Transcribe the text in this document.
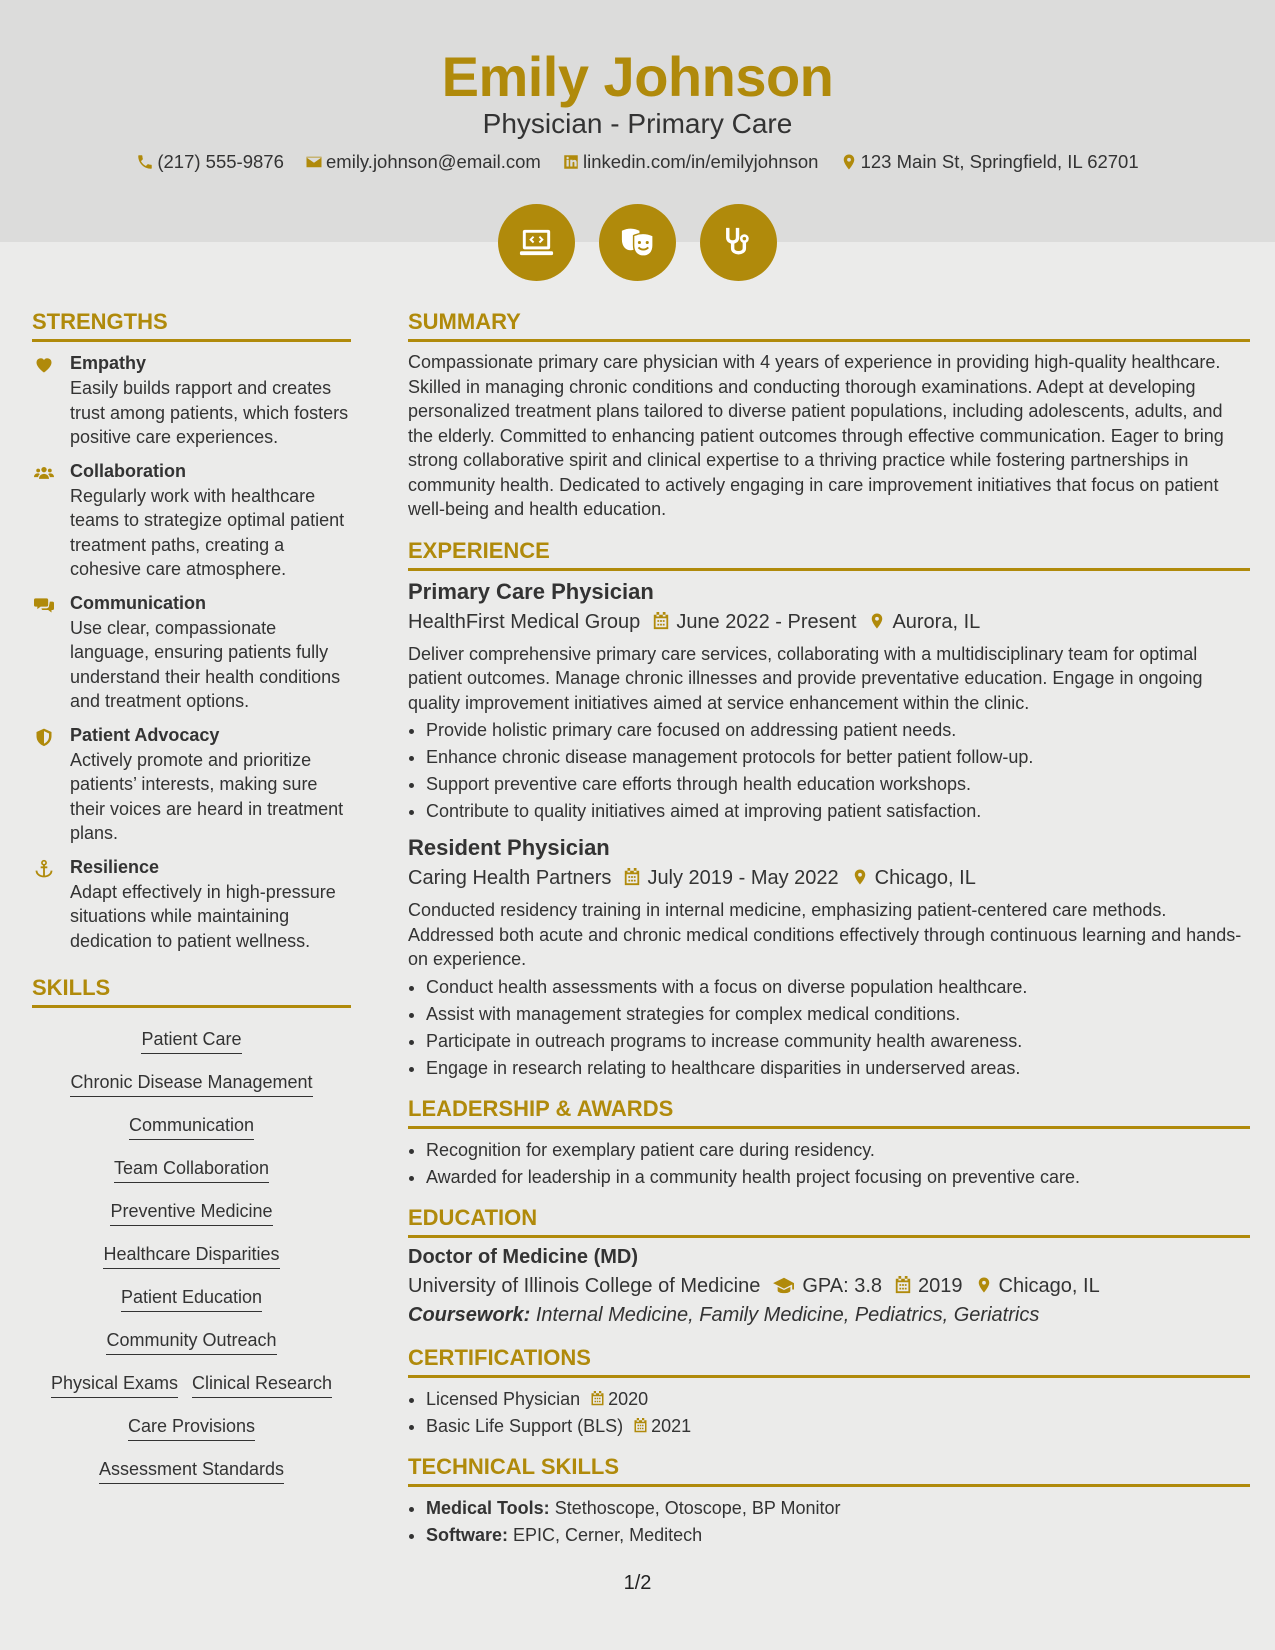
Emily Johnson
Physician - Primary Care
(217) 555-9876 emily.johnson@email.com linkedin.com/in/emilyjohnson 123 Main St, Springfield, IL 62701

STRENGTHS
Empathy
Easily builds rapport and creates trust among patients, which fosters positive care experiences.
Collaboration
Regularly work with healthcare teams to strategize optimal patient treatment paths, creating a cohesive care atmosphere.
Communication
Use clear, compassionate language, ensuring patients fully understand their health conditions and treatment options.
Patient Advocacy
Actively promote and prioritize patients’ interests, making sure their voices are heard in treatment plans.
Resilience
Adapt effectively in high-pressure situations while maintaining dedication to patient wellness.
SKILLS
Patient Care
Chronic Disease Management
Communication
Team Collaboration
Preventive Medicine
Healthcare Disparities
Patient Education
Community Outreach
Physical Exams Clinical Research
Care Provisions
Assessment Standards
SUMMARY
Compassionate primary care physician with 4 years of experience in providing high-quality healthcare. Skilled in managing chronic conditions and conducting thorough examinations. Adept at developing personalized treatment plans tailored to diverse patient populations, including adolescents, adults, and the elderly. Committed to enhancing patient outcomes through effective communication. Eager to bring strong collaborative spirit and clinical expertise to a thriving practice while fostering partnerships in community health. Dedicated to actively engaging in care improvement initiatives that focus on patient well-being and health education.
EXPERIENCE
Primary Care Physician
HealthFirst Medical Group June 2022 - Present Aurora, IL
Deliver comprehensive primary care services, collaborating with a multidisciplinary team for optimal patient outcomes. Manage chronic illnesses and provide preventative education. Engage in ongoing quality improvement initiatives aimed at service enhancement within the clinic.
• Provide holistic primary care focused on addressing patient needs.
• Enhance chronic disease management protocols for better patient follow-up.
• Support preventive care efforts through health education workshops.
• Contribute to quality initiatives aimed at improving patient satisfaction.
Resident Physician
Caring Health Partners July 2019 - May 2022 Chicago, IL
Conducted residency training in internal medicine, emphasizing patient-centered care methods. Addressed both acute and chronic medical conditions effectively through continuous learning and hands-on experience.
• Conduct health assessments with a focus on diverse population healthcare.
• Assist with management strategies for complex medical conditions.
• Participate in outreach programs to increase community health awareness.
• Engage in research relating to healthcare disparities in underserved areas.
LEADERSHIP & AWARDS
• Recognition for exemplary patient care during residency.
• Awarded for leadership in a community health project focusing on preventive care.
EDUCATION
Doctor of Medicine (MD)
University of Illinois College of Medicine GPA: 3.8 2019 Chicago, IL
Coursework: Internal Medicine, Family Medicine, Pediatrics, Geriatrics
CERTIFICATIONS
• Licensed Physician 2020
• Basic Life Support (BLS) 2021
TECHNICAL SKILLS
• Medical Tools: Stethoscope, Otoscope, BP Monitor
• Software: EPIC, Cerner, Meditech
1/2
